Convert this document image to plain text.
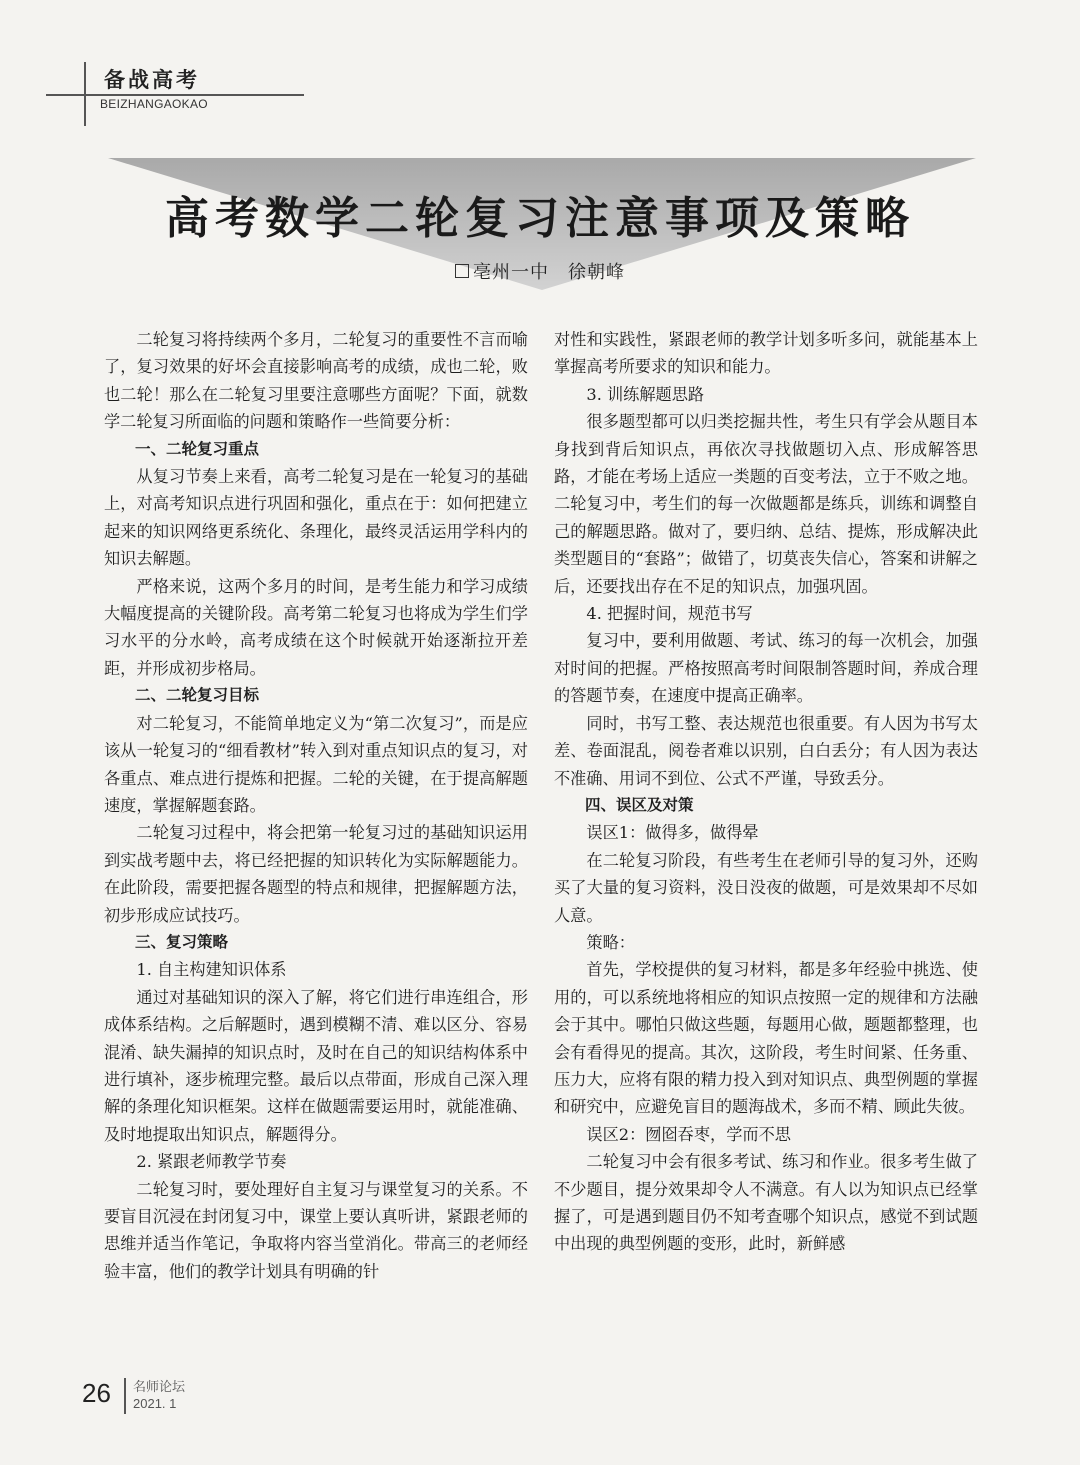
备战高考
BEIZHANGAOKAO
高考数学二轮复习注意事项及策略
亳州一中　徐朝峰

二轮复习将持续两个多月，二轮复习的重要性不言而喻了，复习效果的好坏会直接影响高考的成绩，成也二轮，败也二轮！那么在二轮复习里要注意哪些方面呢？下面，就数学二轮复习所面临的问题和策略作一些简要分析：

一、二轮复习重点

从复习节奏上来看，高考二轮复习是在一轮复习的基础上，对高考知识点进行巩固和强化，重点在于：如何把建立起来的知识网络更系统化、条理化，最终灵活运用学科内的知识去解题。

严格来说，这两个多月的时间，是考生能力和学习成绩大幅度提高的关键阶段。高考第二轮复习也将成为学生们学习水平的分水岭，高考成绩在这个时候就开始逐渐拉开差距，并形成初步格局。

二、二轮复习目标

对二轮复习，不能简单地定义为“第二次复习”，而是应该从一轮复习的“细看教材”转入到对重点知识点的复习，对各重点、难点进行提炼和把握。二轮的关键，在于提高解题速度，掌握解题套路。

二轮复习过程中，将会把第一轮复习过的基础知识运用到实战考题中去，将已经把握的知识转化为实际解题能力。在此阶段，需要把握各题型的特点和规律，把握解题方法，初步形成应试技巧。

三、复习策略

1. 自主构建知识体系

通过对基础知识的深入了解，将它们进行串连组合，形成体系结构。之后解题时，遇到模糊不清、难以区分、容易混淆、缺失漏掉的知识点时，及时在自己的知识结构体系中进行填补，逐步梳理完整。最后以点带面，形成自己深入理解的条理化知识框架。这样在做题需要运用时，就能准确、及时地提取出知识点，解题得分。

2. 紧跟老师教学节奏

二轮复习时，要处理好自主复习与课堂复习的关系。不要盲目沉浸在封闭复习中，课堂上要认真听讲，紧跟老师的思维并适当作笔记，争取将内容当堂消化。带高三的老师经验丰富，他们的教学计划具有明确的针

对性和实践性，紧跟老师的教学计划多听多问，就能基本上掌握高考所要求的知识和能力。

3. 训练解题思路

很多题型都可以归类挖掘共性，考生只有学会从题目本身找到背后知识点，再依次寻找做题切入点、形成解答思路，才能在考场上适应一类题的百变考法，立于不败之地。二轮复习中，考生们的每一次做题都是练兵，训练和调整自己的解题思路。做对了，要归纳、总结、提炼，形成解决此类型题目的“套路”；做错了，切莫丧失信心，答案和讲解之后，还要找出存在不足的知识点，加强巩固。

4. 把握时间，规范书写

复习中，要利用做题、考试、练习的每一次机会，加强对时间的把握。严格按照高考时间限制答题时间，养成合理的答题节奏，在速度中提高正确率。

同时，书写工整、表达规范也很重要。有人因为书写太差、卷面混乱，阅卷者难以识别，白白丢分；有人因为表达不准确、用词不到位、公式不严谨，导致丢分。

四、误区及对策

误区1：做得多，做得晕

在二轮复习阶段，有些考生在老师引导的复习外，还购买了大量的复习资料，没日没夜的做题，可是效果却不尽如人意。

策略：

首先，学校提供的复习材料，都是多年经验中挑选、使用的，可以系统地将相应的知识点按照一定的规律和方法融会于其中。哪怕只做这些题，每题用心做，题题都整理，也会有看得见的提高。其次，这阶段，考生时间紧、任务重、压力大，应将有限的精力投入到对知识点、典型例题的掌握和研究中，应避免盲目的题海战术，多而不精、顾此失彼。

误区2：囫囵吞枣，学而不思

二轮复习中会有很多考试、练习和作业。很多考生做了不少题目，提分效果却令人不满意。有人以为知识点已经掌握了，可是遇到题目仍不知考查哪个知识点，感觉不到试题中出现的典型例题的变形，此时，新鲜感

26 名师论坛
2021. 1
